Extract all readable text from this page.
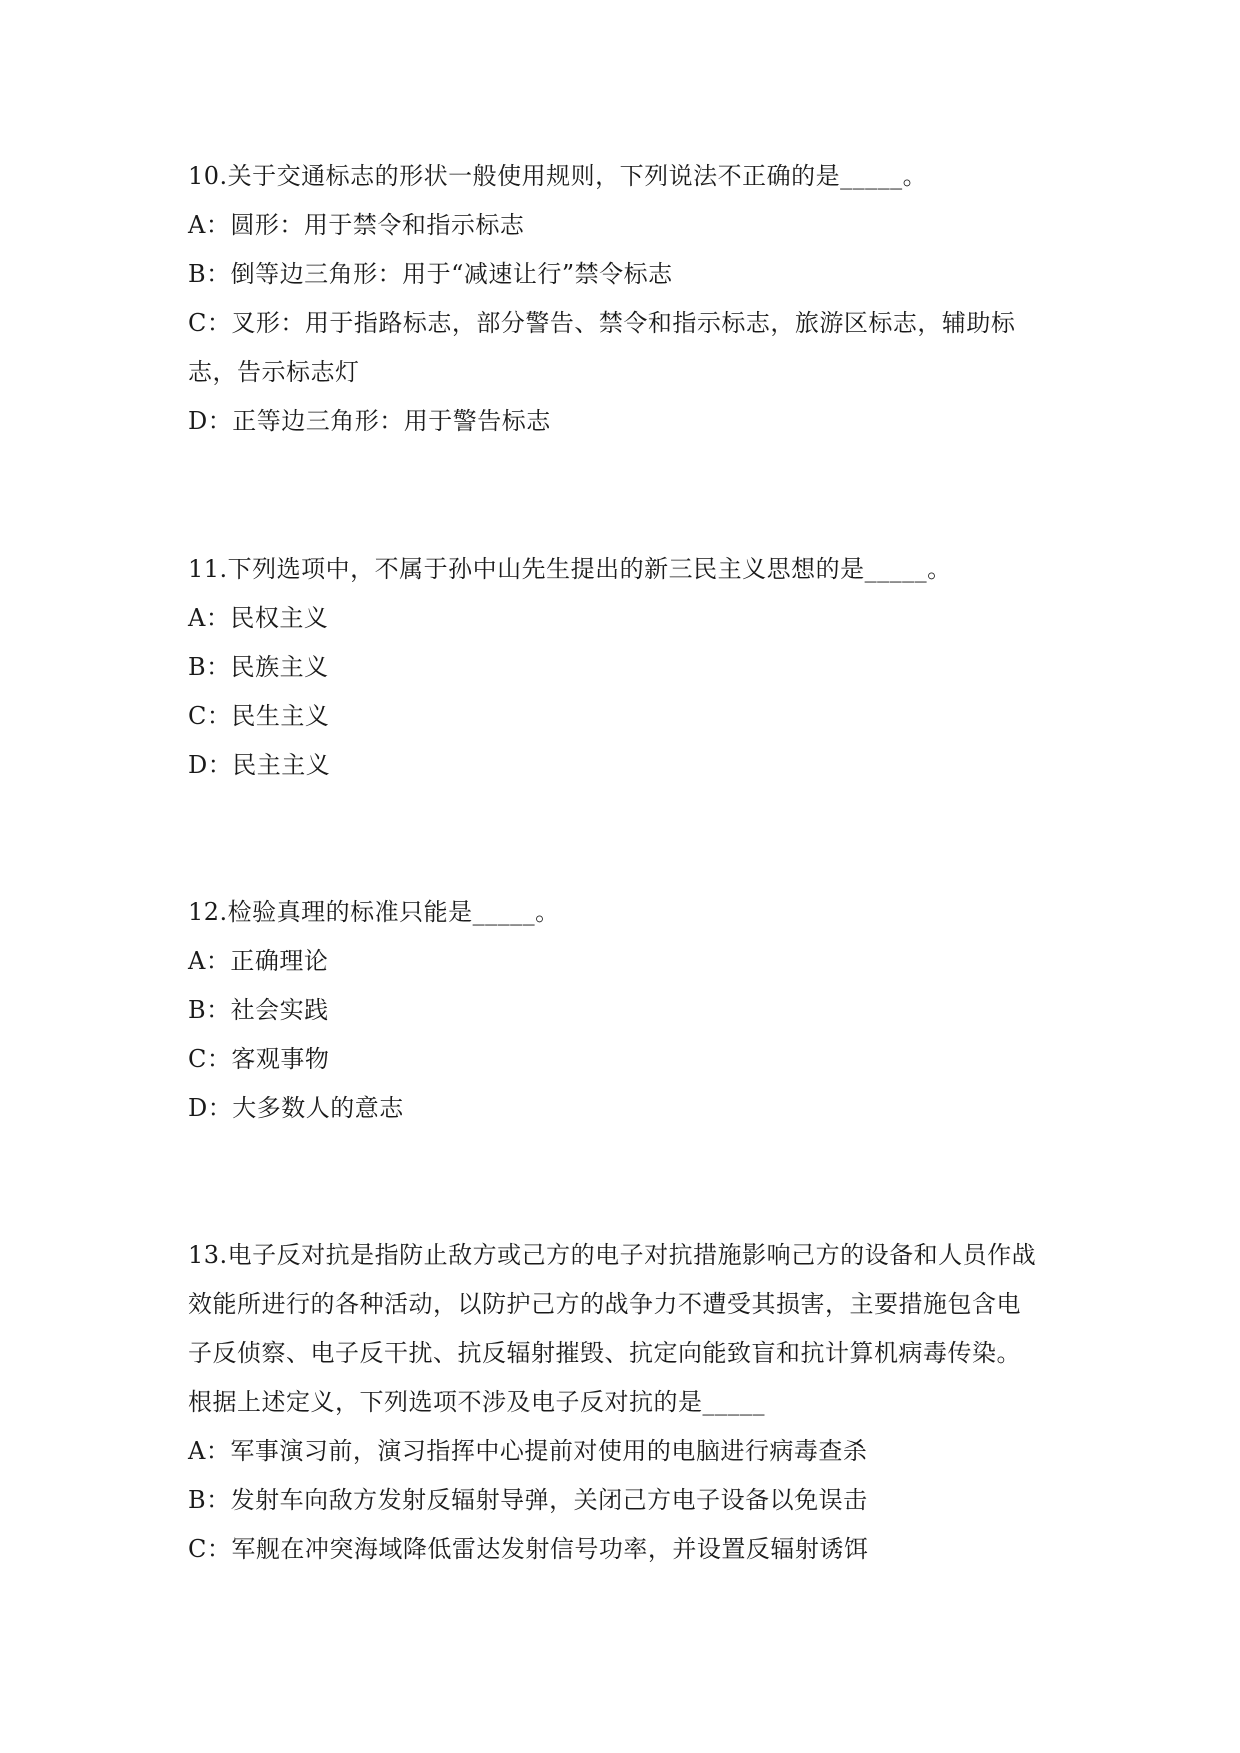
10.关于交通标志的形状一般使用规则，下列说法不正确的是_____。
A：圆形：用于禁令和指示标志
B：倒等边三角形：用于“减速让行”禁令标志
C：叉形：用于指路标志，部分警告、禁令和指示标志，旅游区标志，辅助标
志，告示标志灯
D：正等边三角形：用于警告标志
11.下列选项中，不属于孙中山先生提出的新三民主义思想的是_____。
A：民权主义
B：民族主义
C：民生主义
D：民主主义
12.检验真理的标准只能是_____。
A：正确理论
B：社会实践
C：客观事物
D：大多数人的意志
13.电子反对抗是指防止敌方或己方的电子对抗措施影响己方的设备和人员作战
效能所进行的各种活动，以防护己方的战争力不遭受其损害，主要措施包含电
子反侦察、电子反干扰、抗反辐射摧毁、抗定向能致盲和抗计算机病毒传染。
根据上述定义，下列选项不涉及电子反对抗的是_____
A：军事演习前，演习指挥中心提前对使用的电脑进行病毒查杀
B：发射车向敌方发射反辐射导弹，关闭己方电子设备以免误击
C：军舰在冲突海域降低雷达发射信号功率，并设置反辐射诱饵
